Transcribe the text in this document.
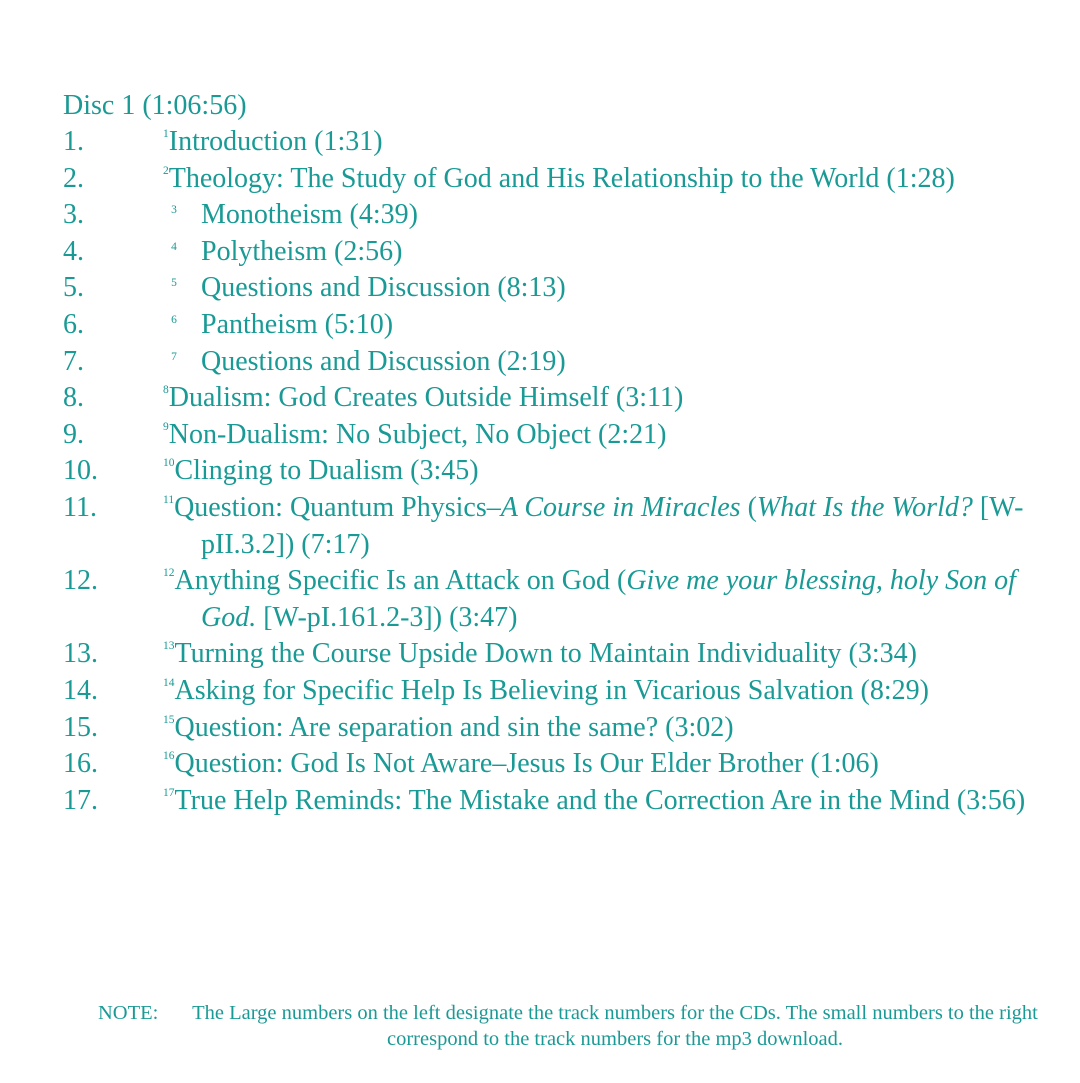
Disc 1 (1:06:56)
1.	$^1$Introduction (1:31)
2.	$^2$Theology: The Study of God and His Relationship to the World (1:28)
3.	$^3$ Monotheism (4:39)
4.	$^4$ Polytheism (2:56)
5.	$^5$ Questions and Discussion (8:13)
6.	$^6$ Pantheism (5:10)
7.	$^7$ Questions and Discussion (2:19)
8.	$^8$Dualism: God Creates Outside Himself (3:11)
9.	$^9$Non-Dualism: No Subject, No Object (2:21)
10.	$^{10}$Clinging to Dualism (3:45)
11.	$^{11}$Question: Quantum Physics–A Course in Miracles (What Is the World? [W-pII.3.2]) (7:17)
12.	$^{12}$Anything Specific Is an Attack on God (Give me your blessing, holy Son of God. [W-pI.161.2-3]) (3:47)
13.	$^{13}$Turning the Course Upside Down to Maintain Individuality (3:34)
14.	$^{14}$Asking for Specific Help Is Believing in Vicarious Salvation (8:29)
15.	$^{15}$Question: Are separation and sin the same? (3:02)
16.	$^{16}$Question: God Is Not Aware–Jesus Is Our Elder Brother (1:06)
17.	$^{17}$True Help Reminds: The Mistake and the Correction Are in the Mind (3:56)
NOTE:	The Large numbers on the left designate the track numbers for the CDs. The small numbers to the right correspond to the track numbers for the mp3 download.
